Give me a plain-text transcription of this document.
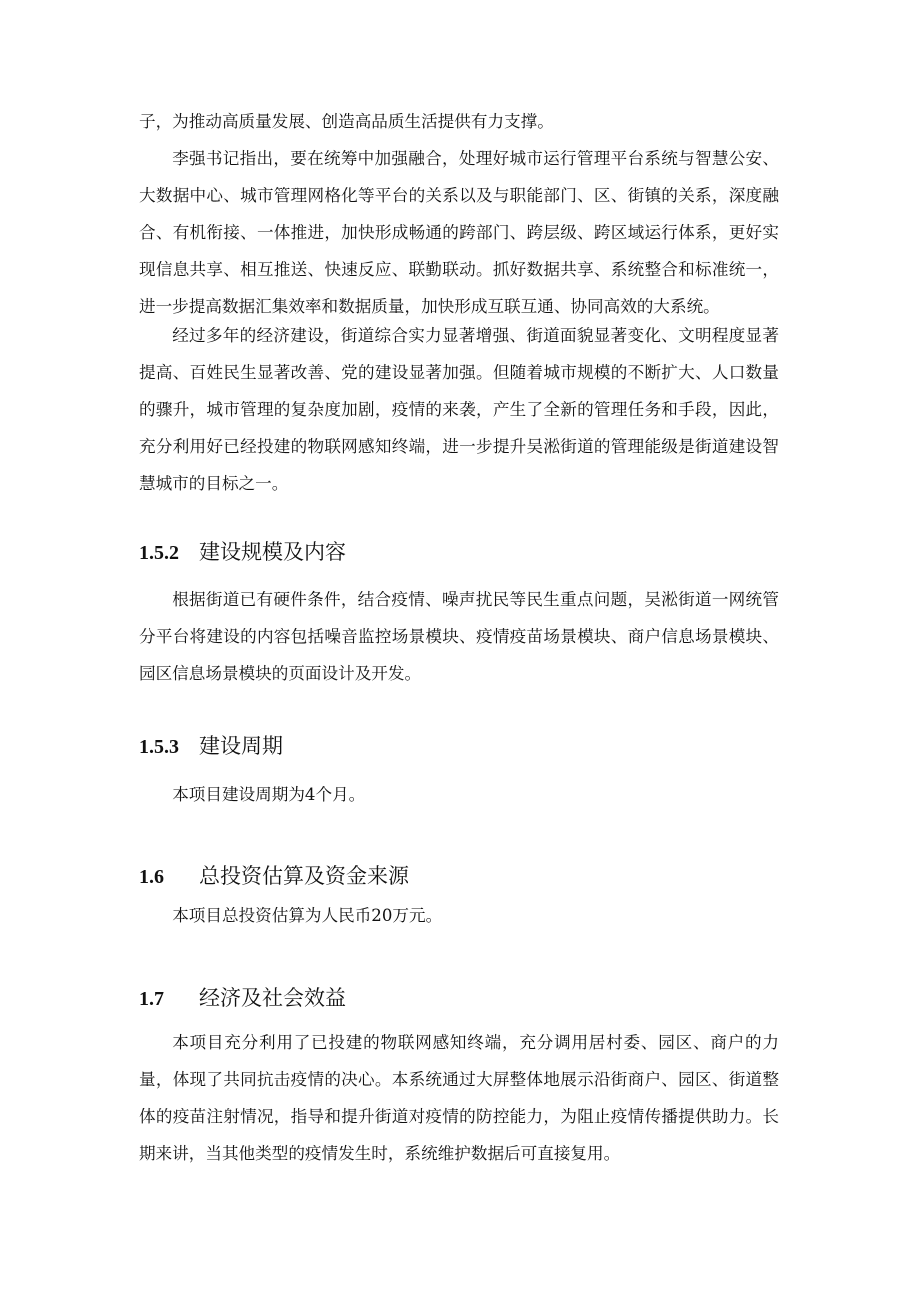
子，为推动高质量发展、创造高品质生活提供有力支撑。

李强书记指出，要在统筹中加强融合，处理好城市运行管理平台系统与智慧公安、大数据中心、城市管理网格化等平台的关系以及与职能部门、区、街镇的关系，深度融合、有机衔接、一体推进，加快形成畅通的跨部门、跨层级、跨区域运行体系，更好实现信息共享、相互推送、快速反应、联勤联动。抓好数据共享、系统整合和标准统一，进一步提高数据汇集效率和数据质量，加快形成互联互通、协同高效的大系统。

经过多年的经济建设，街道综合实力显著增强、街道面貌显著变化、文明程度显著提高、百姓民生显著改善、党的建设显著加强。但随着城市规模的不断扩大、人口数量的骤升，城市管理的复杂度加剧，疫情的来袭，产生了全新的管理任务和手段，因此，充分利用好已经投建的物联网感知终端，进一步提升吴淞街道的管理能级是街道建设智慧城市的目标之一。

1.5.2 建设规模及内容

根据街道已有硬件条件，结合疫情、噪声扰民等民生重点问题，吴淞街道一网统管分平台将建设的内容包括噪音监控场景模块、疫情疫苗场景模块、商户信息场景模块、园区信息场景模块的页面设计及开发。

1.5.3 建设周期

本项目建设周期为4个月。

1.6 总投资估算及资金来源

本项目总投资估算为人民币20万元。

1.7 经济及社会效益

本项目充分利用了已投建的物联网感知终端，充分调用居村委、园区、商户的力量，体现了共同抗击疫情的决心。本系统通过大屏整体地展示沿街商户、园区、街道整体的疫苗注射情况，指导和提升街道对疫情的防控能力，为阻止疫情传播提供助力。长期来讲，当其他类型的疫情发生时，系统维护数据后可直接复用。
